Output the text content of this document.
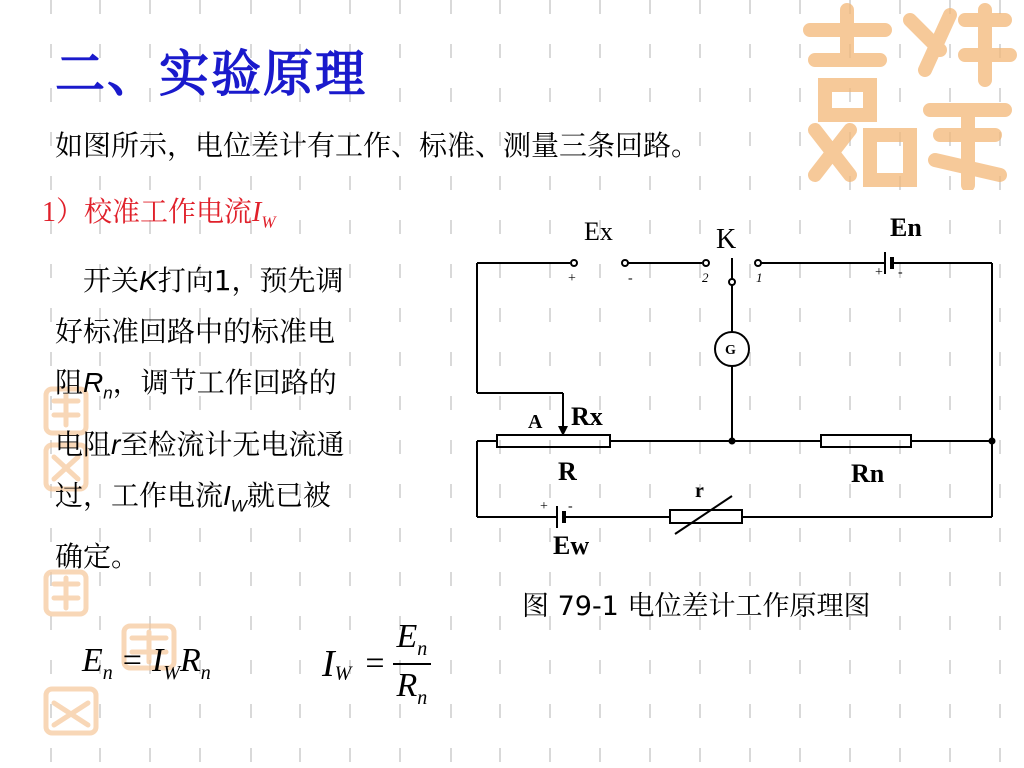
二、实验原理
如图所示，电位差计有工作、标准、测量三条回路。
1）校准工作电流$I_W$
 开关K打向1，预先调好标准回路中的标准电阻$R_n$，调节工作回路的电阻r至检流计无电流通过，工作电流$I_W$就已被确定。
Ex	K	En
G
A Rx
R	Rn
r
Ew
+	-	2	1	+ -
+ -
图 79-1 电位差计工作原理图
$E_n = I_WR_n$	$I_W = \frac{E_n}{R_n}$
